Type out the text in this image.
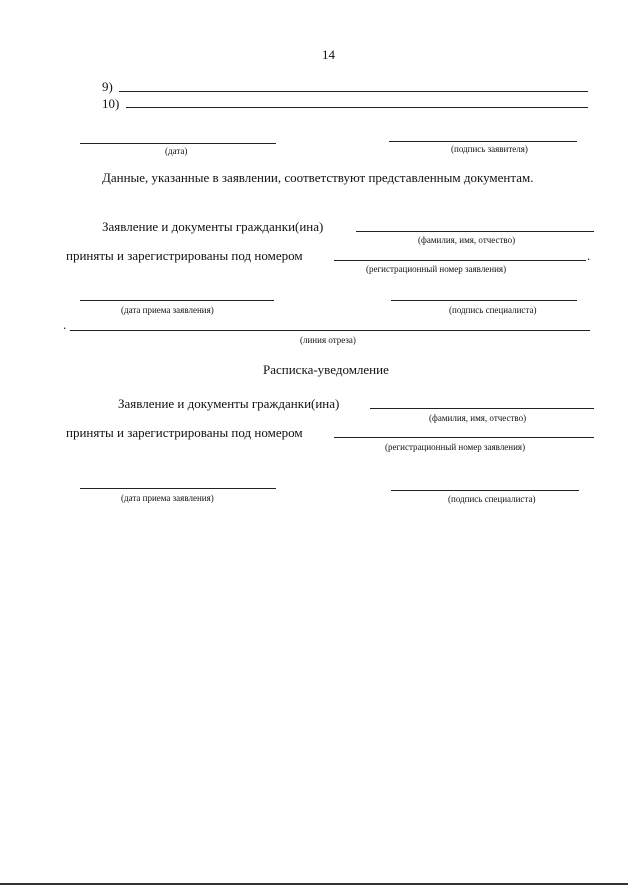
14
9)
10)
(дата)	(подпись заявителя)
Данные, указанные в заявлении, соответствуют представленным документам.
Заявление и документы гражданки(ина)
(фамилия, имя, отчество)
приняты и зарегистрированы под номером	.
(регистрационный номер заявления)
(дата приема заявления)	(подпись специалиста)
.
(линия отреза)
Расписка-уведомление
Заявление и документы гражданки(ина)
(фамилия, имя, отчество)
приняты и зарегистрированы под номером
(регистрационный номер заявления)
(дата приема заявления)	(подпись специалиста)
